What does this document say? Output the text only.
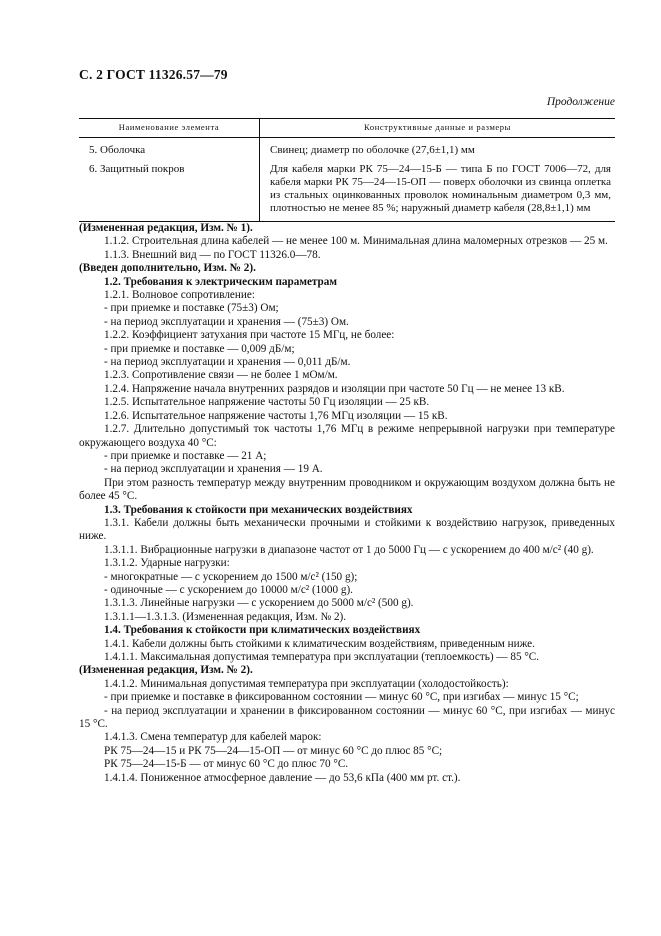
С. 2 ГОСТ 11326.57—79
Продолжение
Наименование элемента	Конструктивные данные и размеры
5. Оболочка	Свинец; диаметр по оболочке (27,6±1,1) мм
6. Защитный покров	Для кабеля марки РК 75—24—15-Б — типа Б по ГОСТ 7006—72, для кабеля марки РК 75—24—15-ОП — поверх оболочки из свинца оплетка из стальных оцинкованных проволок номинальным диаметром 0,3 мм, плотностью не менее 85 %; наружный диаметр кабеля (28,8±1,1) мм

(Измененная редакция, Изм. № 1).

1.1.2. Строительная длина кабелей — не менее 100 м. Минимальная длина маломерных отрезков — 25 м.

1.1.3. Внешний вид — по ГОСТ 11326.0—78.

(Введен дополнительно, Изм. № 2).

1.2. Требования к электрическим параметрам

1.2.1. Волновое сопротивление:

- при приемке и поставке (75±3) Ом;

- на период эксплуатации и хранения — (75±3) Ом.

1.2.2. Коэффициент затухания при частоте 15 МГц, не более:

- при приемке и поставке — 0,009 дБ/м;

- на период эксплуатации и хранения — 0,011 дБ/м.

1.2.3. Сопротивление связи — не более 1 мОм/м.

1.2.4. Напряжение начала внутренних разрядов и изоляции при частоте 50 Гц — не менее 13 кВ.

1.2.5. Испытательное напряжение частоты 50 Гц изоляции — 25 кВ.

1.2.6. Испытательное напряжение частоты 1,76 МГц изоляции — 15 кВ.

1.2.7. Длительно допустимый ток частоты 1,76 МГц в режиме непрерывной нагрузки при температуре окружающего воздуха 40 °С:

- при приемке и поставке — 21 А;

- на период эксплуатации и хранения — 19 А.

При этом разность температур между внутренним проводником и окружающим воздухом должна быть не более 45 °С.

1.3. Требования к стойкости при механических воздействиях

1.3.1. Кабели должны быть механически прочными и стойкими к воздействию нагрузок, приведенных ниже.

1.3.1.1. Вибрационные нагрузки в диапазоне частот от 1 до 5000 Гц — с ускорением до 400 м/с² (40 g).

1.3.1.2. Ударные нагрузки:

- многократные — с ускорением до 1500 м/с² (150 g);

- одиночные — с ускорением до 10000 м/с² (1000 g).

1.3.1.3. Линейные нагрузки — с ускорением до 5000 м/с² (500 g).

1.3.1.1—1.3.1.3. (Измененная редакция, Изм. № 2).

1.4. Требования к стойкости при климатических воздействиях

1.4.1. Кабели должны быть стойкими к климатическим воздействиям, приведенным ниже.

1.4.1.1. Максимальная допустимая температура при эксплуатации (теплоемкость) — 85 °С.

(Измененная редакция, Изм. № 2).

1.4.1.2. Минимальная допустимая температура при эксплуатации (холодостойкость):

- при приемке и поставке в фиксированном состоянии — минус 60 °С, при изгибах — минус 15 °С;

- на период эксплуатации и хранении в фиксированном состоянии — минус 60 °С, при изгибах — минус 15 °С.

1.4.1.3. Смена температур для кабелей марок:

РК 75—24—15 и РК 75—24—15-ОП — от минус 60 °С до плюс 85 °С;

РК 75—24—15-Б — от минус 60 °С до плюс 70 °С.

1.4.1.4. Пониженное атмосферное давление — до 53,6 кПа (400 мм рт. ст.).
